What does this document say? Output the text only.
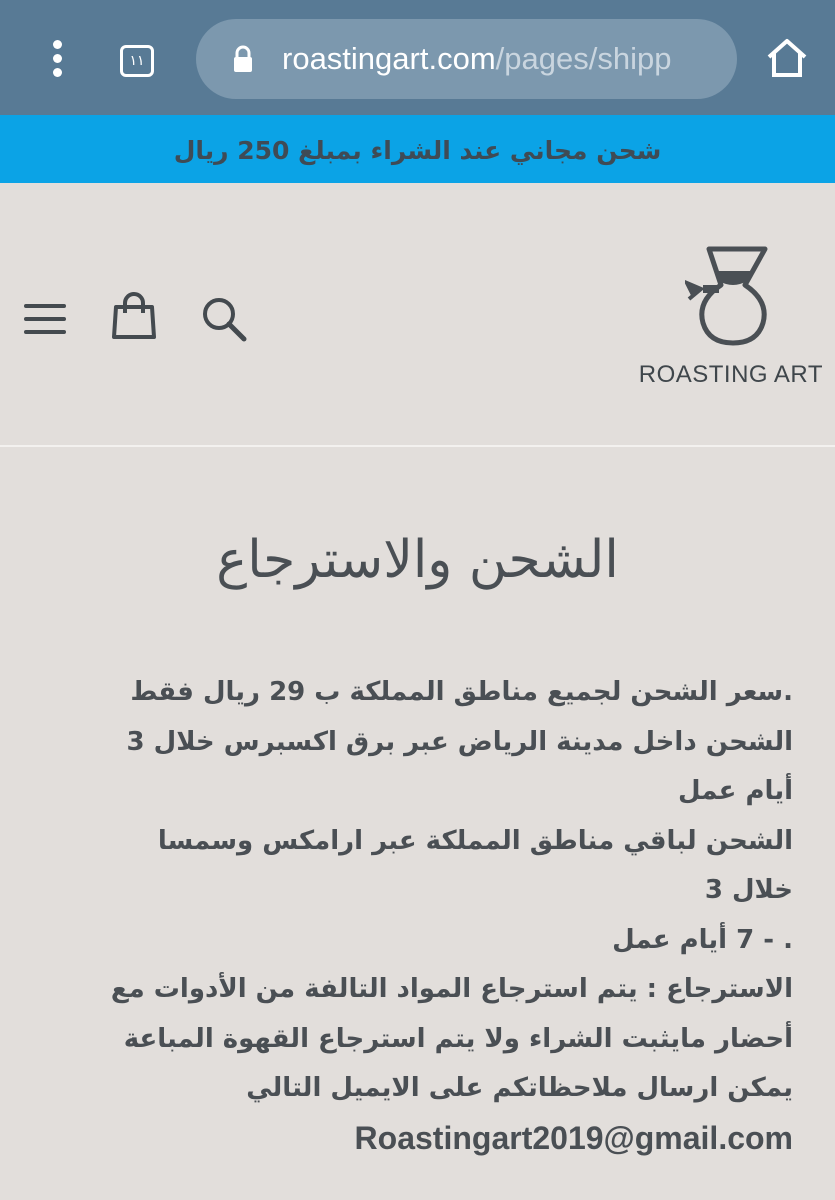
١١	roastingart.com/pages/shipp
شحن مجاني عند الشراء بمبلغ 250 ريال
ROASTING ART
الشحن والاسترجاع

.سعر الشحن لجميع مناطق المملكة ب 29 ريال فقط

الشحن داخل مدينة الرياض عبر برق اكسبرس خلال 3

أيام عمل

الشحن لباقي مناطق المملكة عبر ارامكس وسمسا خلال 3

. - 7 أيام عمل

الاسترجاع : يتم استرجاع المواد التالفة من الأدوات مع

أحضار مايثبت الشراء ولا يتم استرجاع القهوة المباعة

يمكن ارسال ملاحظاتكم على الايميل التالي

Roastingart2019@gmail.com
